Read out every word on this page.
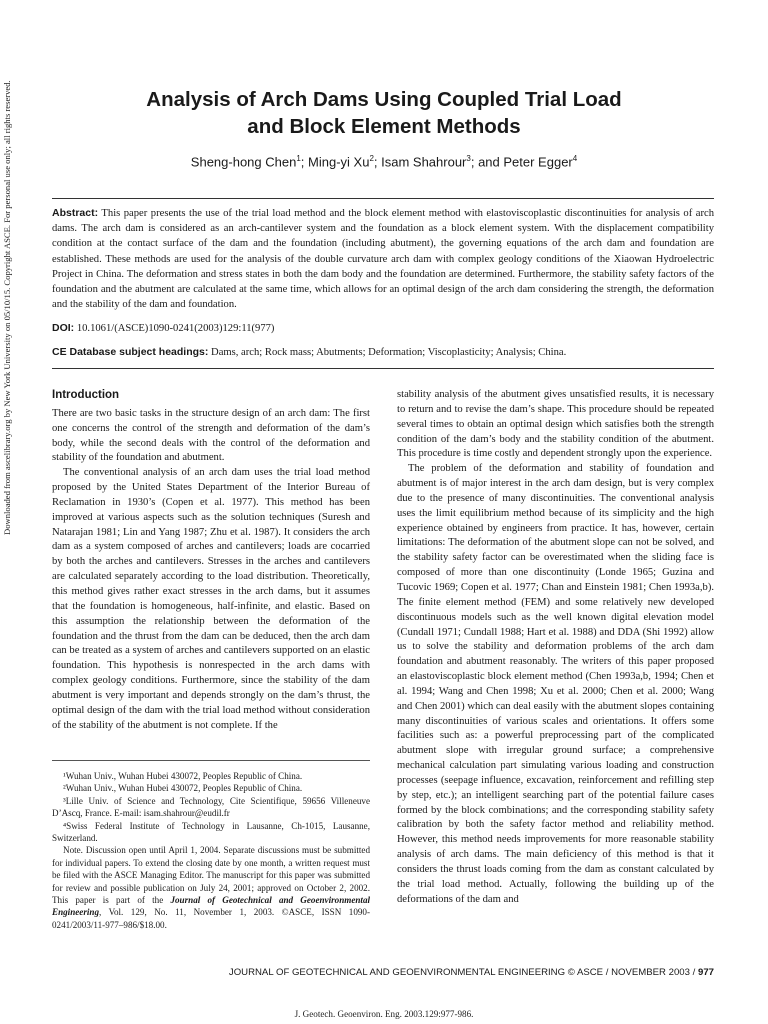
Downloaded from ascelibrary.org by New York University on 05/10/15. Copyright ASCE. For personal use only; all rights reserved.	Analysis of Arch Dams Using Coupled Trial Load
and Block Element Methods
Sheng-hong Chen$^1$; Ming-yi Xu$^2$; Isam Shahrour$^3$; and Peter Egger$^4$
Abstract: This paper presents the use of the trial load method and the block element method with elastoviscoplastic discontinuities for analysis of arch dams. The arch dam is considered as an arch-cantilever system and the foundation as a block element system. With the displacement compatibility condition at the contact surface of the dam and the foundation (including abutment), the governing equations of the arch dam and foundation are established. These methods are used for the analysis of the double curvature arch dam with complex geology conditions of the Xiaowan Hydroelectric Project in China. The deformation and stress states in both the dam body and the foundation are determined. Furthermore, the stability safety factors of the foundation and the abutment are calculated at the same time, which allows for an optimal design of the arch dam considering the strength, the deformation and the stability of the dam and foundation.
DOI: 10.1061/(ASCE)1090-0241(2003)129:11(977)
CE Database subject headings: Dams, arch; Rock mass; Abutments; Deformation; Viscoplasticity; Analysis; China.
Introduction

There are two basic tasks in the structure design of an arch dam: The first one concerns the control of the strength and deformation of the dam’s body, while the second deals with the control of the deformation and stability of the foundation and abutment.

The conventional analysis of an arch dam uses the trial load method proposed by the United States Department of the Interior Bureau of Reclamation in 1930’s (Copen et al. 1977). This method has been improved at various aspects such as the solution techniques (Suresh and Natarajan 1981; Lin and Yang 1987; Zhu et al. 1987). It considers the arch dam as a system composed of arches and cantilevers; loads are cocarried by both the arches and cantilevers. Stresses in the arches and cantilevers are calculated separately according to the load distribution. Theoretically, this method gives rather exact stresses in the arch dams, but it assumes that the foundation is homogeneous, half-infinite, and elastic. Based on this assumption the relationship between the deformation of the foundation and the thrust from the dam can be deduced, then the arch dam can be treated as a system of arches and cantilevers supported on an elastic foundation. This hypothesis is nonrespected in the arch dams with complex geology conditions. Furthermore, since the stability of the dam abutment is very important and depends strongly on the dam’s thrust, the optimal design of the dam with the trial load method without consideration of the stability of the abutment is not complete. If the

¹Wuhan Univ., Wuhan Hubei 430072, Peoples Republic of China.

²Wuhan Univ., Wuhan Hubei 430072, Peoples Republic of China.

³Lille Univ. of Science and Technology, Cite Scientifique, 59656 Villeneuve D’Ascq, France. E-mail: isam.shahrour@eudil.fr

⁴Swiss Federal Institute of Technology in Lausanne, Ch-1015, Lausanne, Switzerland.

Note. Discussion open until April 1, 2004. Separate discussions must be submitted for individual papers. To extend the closing date by one month, a written request must be filed with the ASCE Managing Editor. The manuscript for this paper was submitted for review and possible publication on July 24, 2001; approved on October 2, 2002. This paper is part of the Journal of Geotechnical and Geoenvironmental Engineering, Vol. 129, No. 11, November 1, 2003. ©ASCE, ISSN 1090-0241/2003/11-977–986/$18.00.

stability analysis of the abutment gives unsatisfied results, it is necessary to return and to revise the dam’s shape. This procedure should be repeated several times to obtain an optimal design which satisfies both the strength condition of the dam’s body and the stability condition of the abutment. This procedure is time costly and dependent strongly upon the experience.

The problem of the deformation and stability of foundation and abutment is of major interest in the arch dam design, but is very complex due to the presence of many discontinuities. The conventional analysis uses the limit equilibrium method because of its simplicity and the high experience obtained by engineers from practice. It has, however, certain limitations: The deformation of the abutment slope can not be solved, and the stability safety factor can be overestimated when the sliding face is composed of more than one discontinuity (Londe 1965; Guzina and Tucovic 1969; Copen et al. 1977; Chan and Einstein 1981; Chen 1993a,b). The finite element method (FEM) and some relatively new developed discontinuous models such as the well known digital elevation model (Cundall 1971; Cundall 1988; Hart et al. 1988) and DDA (Shi 1992) allow us to solve the stability and deformation problems of the arch dam foundation and abutment reasonably. The writers of this paper proposed an elastoviscoplastic block element method (Chen 1993a,b, 1994; Chen et al. 1994; Wang and Chen 1998; Xu et al. 2000; Chen et al. 2000; Wang and Chen 2001) which can deal easily with the abutment slopes containing many discontinuities of various scales and orientations. It offers some facilities such as: a powerful preprocessing part of the complicated abutment slope with irregular ground surface; a comprehensive mechanical calculation part simulating various loading and construction processes (seepage influence, excavation, reinforcement and refilling step by step, etc.); an intelligent searching part of the potential failure cases formed by the block combinations; and the corresponding stability safety calibration by both the safety factor method and reliability method. However, this method needs improvements for more reasonable stability analysis of arch dams. The main deficiency of this method is that it considers the thrust loads coming from the dam as constant calculated by the trial load method. Actually, following the building up of the deformations of the dam and

JOURNAL OF GEOTECHNICAL AND GEOENVIRONMENTAL ENGINEERING © ASCE / NOVEMBER 2003 / 977
J. Geotech. Geoenviron. Eng. 2003.129:977-986.
